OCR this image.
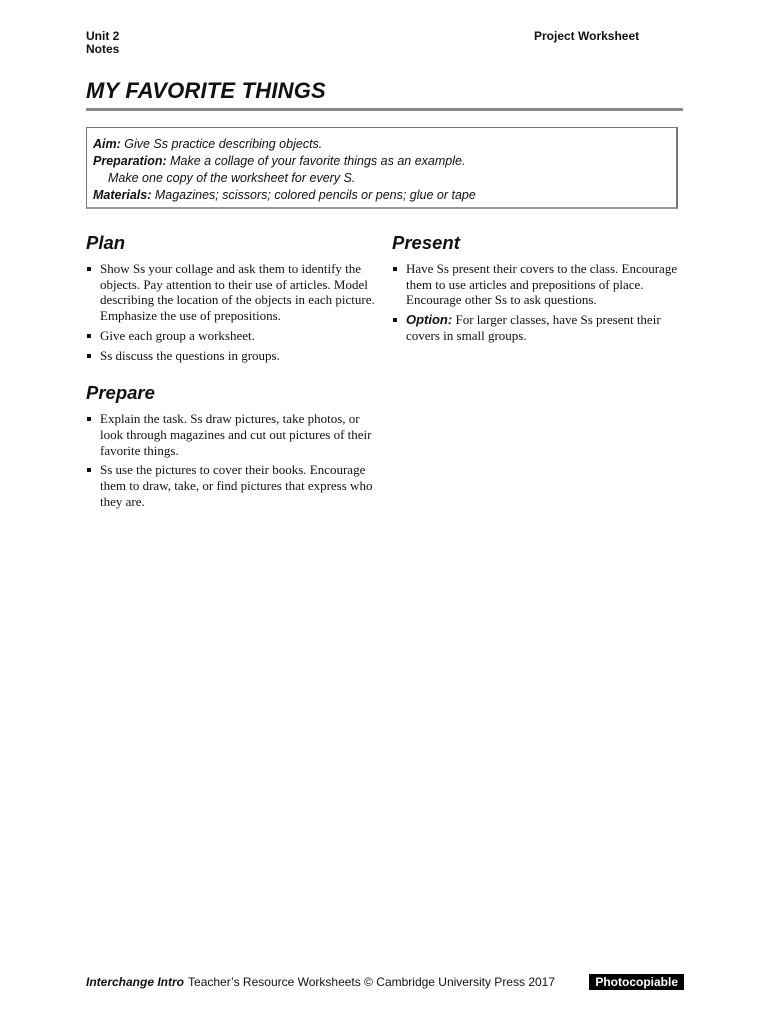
Unit 2
Notes
Project Worksheet
MY FAVORITE THINGS
Aim: Give Ss practice describing objects.
Preparation: Make a collage of your favorite things as an example.
Make one copy of the worksheet for every S.
Materials: Magazines; scissors; colored pencils or pens; glue or tape
Plan
Show Ss your collage and ask them to identify the objects. Pay attention to their use of articles. Model describing the location of the objects in each picture. Emphasize the use of prepositions.
Give each group a worksheet.
Ss discuss the questions in groups.
Prepare
Explain the task. Ss draw pictures, take photos, or look through magazines and cut out pictures of their favorite things.
Ss use the pictures to cover their books. Encourage them to draw, take, or find pictures that express who they are.
Present
Have Ss present their covers to the class. Encourage them to use articles and prepositions of place. Encourage other Ss to ask questions.
Option: For larger classes, have Ss present their covers in small groups.
Interchange Intro Teacher’s Resource Worksheets © Cambridge University Press 2017	Photocopiable
